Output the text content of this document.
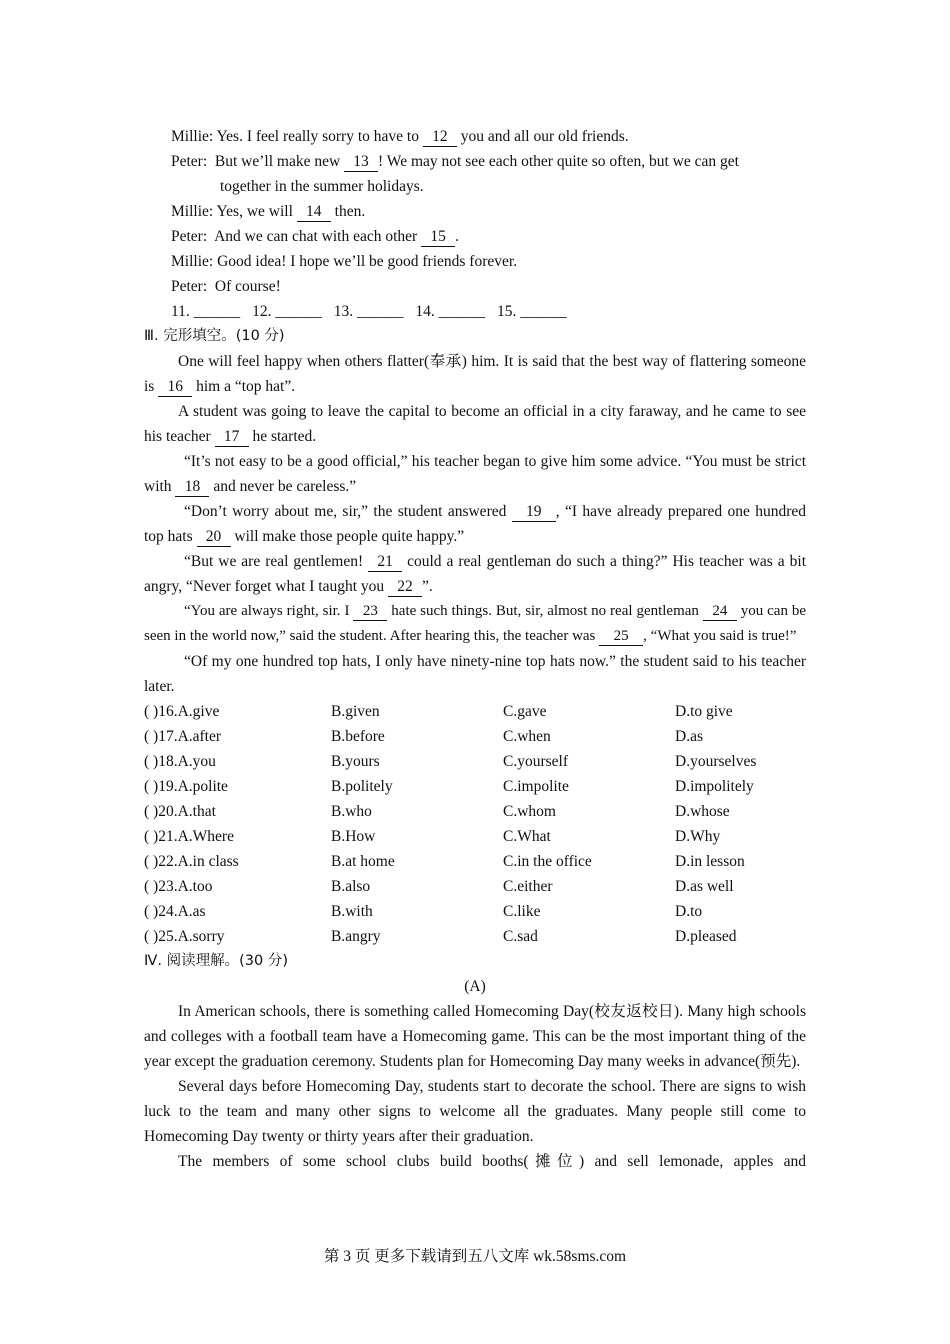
Millie: Yes. I feel really sorry to have to 12 you and all our old friends.
Peter: But we’ll make new 13 ! We may not see each other quite so often, but we can get
together in the summer holidays.
Millie: Yes, we will 14 then.
Peter: And we can chat with each other 15 .
Millie: Good idea! I hope we’ll be good friends forever.
Peter: Of course!
11. ______ 12. ______ 13. ______ 14. ______ 15. ______
Ⅲ. 完形填空。(10 分)

One will feel happy when others flatter(奉承) him. It is said that the best way of flattering someone is 16 him a “top hat”.

A student was going to leave the capital to become an official in a city faraway, and he came to see his teacher 17 he started.

“It’s not easy to be a good official,” his teacher began to give him some advice. “You must be strict with 18 and never be careless.”

“Don’t worry about me, sir,” the student answered 19 , “I have already prepared one hundred top hats 20 will make those people quite happy.”

“But we are real gentlemen! 21 could a real gentleman do such a thing?” His teacher was a bit angry, “Never forget what I taught you 22 ”.

“You are always right, sir. I 23 hate such things. But, sir, almost no real gentleman 24 you can be seen in the world now,” said the student. After hearing this, the teacher was 25 , “What you said is true!”

“Of my one hundred top hats, I only have ninety-nine top hats now.” the student said to his teacher later.

( )16.A.give	B.given	C.gave	D.to give
( )17.A.after	B.before	C.when	D.as
( )18.A.you	B.yours	C.yourself	D.yourselves
( )19.A.polite	B.politely	C.impolite	D.impolitely
( )20.A.that	B.who	C.whom	D.whose
( )21.A.Where	B.How	C.What	D.Why
( )22.A.in class	B.at home	C.in the office	D.in lesson
( )23.A.too	B.also	C.either	D.as well
( )24.A.as	B.with	C.like	D.to
( )25.A.sorry	B.angry	C.sad	D.pleased
Ⅳ. 阅读理解。(30 分)
(A)

In American schools, there is something called Homecoming Day(校友返校日). Many high schools and colleges with a football team have a Homecoming game. This can be the most important thing of the year except the graduation ceremony. Students plan for Homecoming Day many weeks in advance(预先).

Several days before Homecoming Day, students start to decorate the school. There are signs to wish luck to the team and many other signs to welcome all the graduates. Many people still come to Homecoming Day twenty or thirty years after their graduation.

The members of some school clubs build booths(摊位) and sell lemonade, apples and

第 3 页 更多下载请到五八文库 wk.58sms.com
